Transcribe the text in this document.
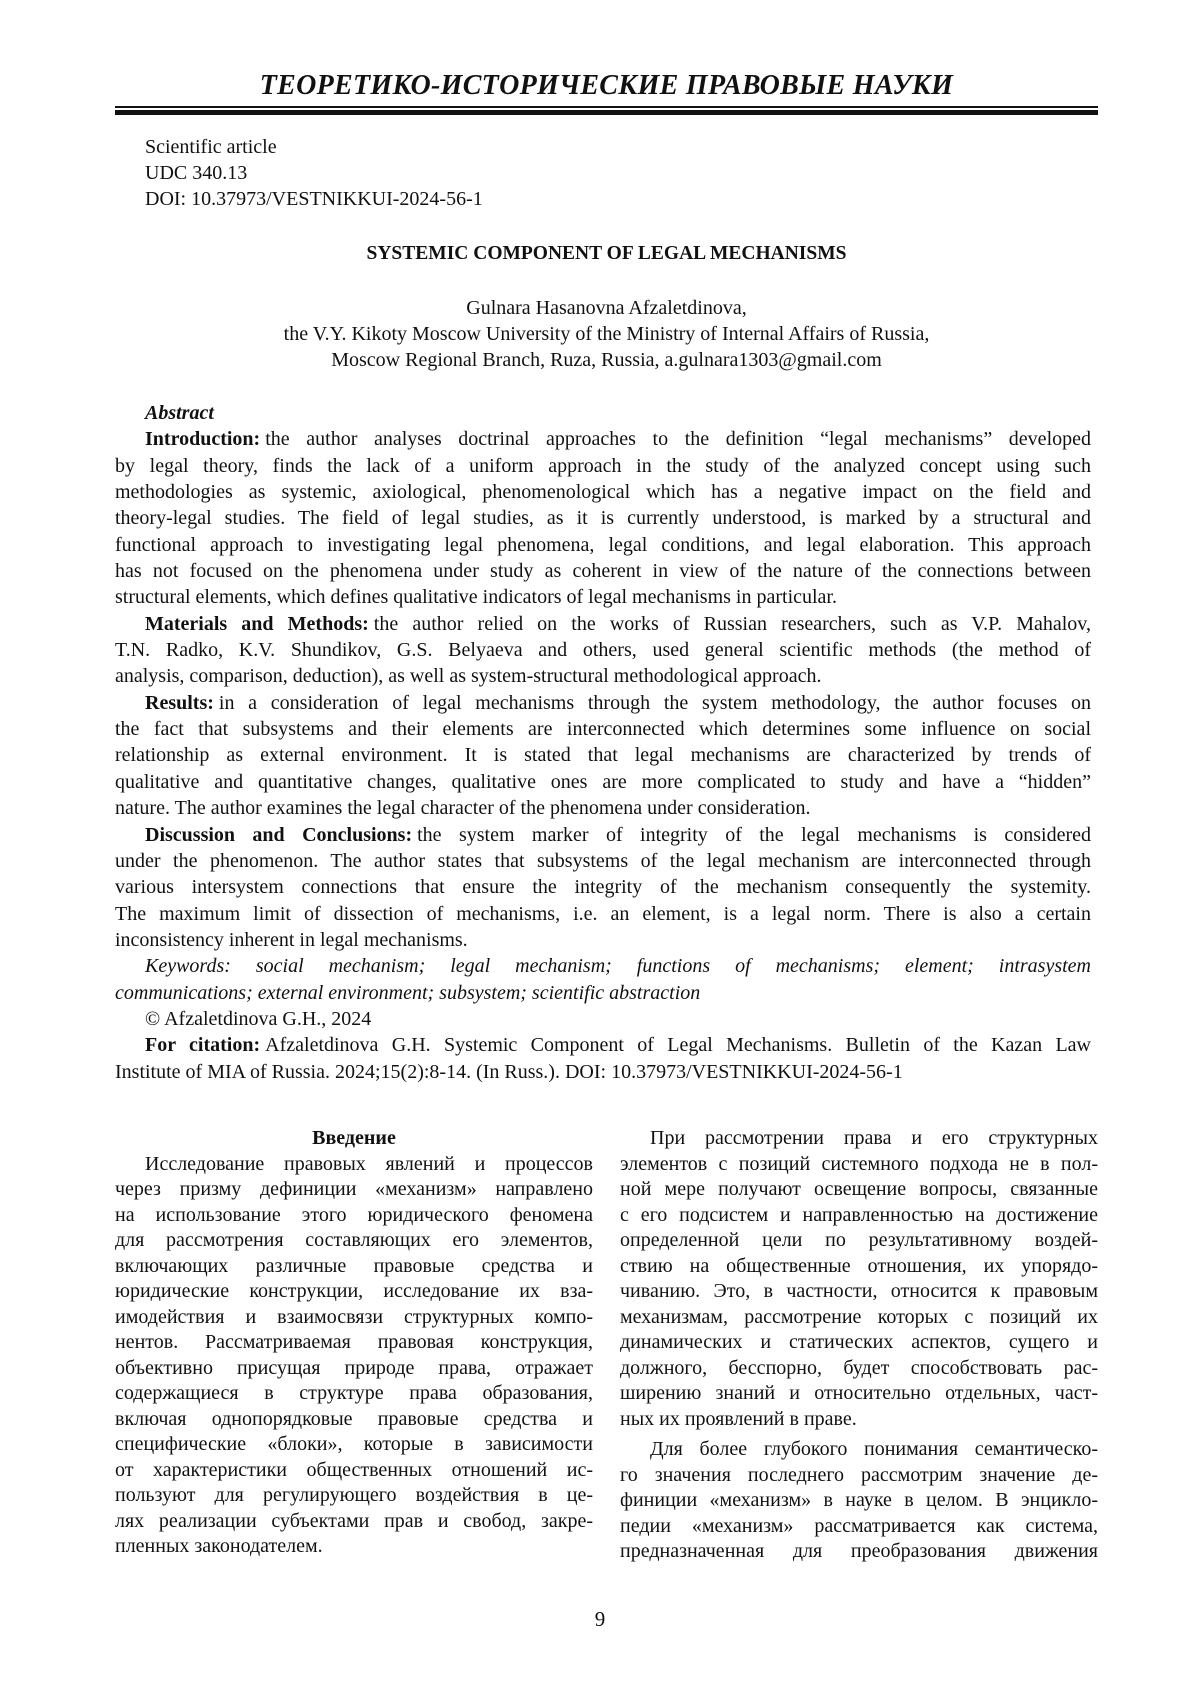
ТЕОРЕТИКО-ИСТОРИЧЕСКИЕ ПРАВОВЫЕ НАУКИ
Scientific article
UDC 340.13
DOI: 10.37973/VESTNIKKUI-2024-56-1
SYSTEMIC COMPONENT OF LEGAL MECHANISMS
Gulnara Hasanovna Afzaletdinova,
the V.Y. Kikoty Moscow University of the Ministry of Internal Affairs of Russia,
Moscow Regional Branch, Ruza, Russia, a.gulnara1303@gmail.com
Abstract
Introduction: the author analyses doctrinal approaches to the definition “legal mechanisms” developed
by legal theory, finds the lack of a uniform approach in the study of the analyzed concept using such
methodologies as systemic, axiological, phenomenological which has a negative impact on the field and
theory-legal studies. The field of legal studies, as it is currently understood, is marked by a structural and
functional approach to investigating legal phenomena, legal conditions, and legal elaboration. This approach
has not focused on the phenomena under study as coherent in view of the nature of the connections between
structural elements, which defines qualitative indicators of legal mechanisms in particular.
Materials and Methods: the author relied on the works of Russian researchers, such as V.P. Mahalov,
T.N. Radko, K.V. Shundikov, G.S. Belyaeva and others, used general scientific methods (the method of
analysis, comparison, deduction), as well as system-structural methodological approach.
Results: in a consideration of legal mechanisms through the system methodology, the author focuses on
the fact that subsystems and their elements are interconnected which determines some influence on social
relationship as external environment. It is stated that legal mechanisms are characterized by trends of
qualitative and quantitative changes, qualitative ones are more complicated to study and have a “hidden”
nature. The author examines the legal character of the phenomena under consideration.
Discussion and Conclusions: the system marker of integrity of the legal mechanisms is considered
under the phenomenon. The author states that subsystems of the legal mechanism are interconnected through
various intersystem connections that ensure the integrity of the mechanism consequently the systemity.
The maximum limit of dissection of mechanisms, i.e. an element, is a legal norm. There is also a certain
inconsistency inherent in legal mechanisms.
Keywords: social mechanism; legal mechanism; functions of mechanisms; element; intrasystem
communications; external environment; subsystem; scientific abstraction
© Afzaletdinova G.H., 2024
For citation: Afzaletdinova G.H. Systemic Component of Legal Mechanisms. Bulletin of the Kazan Law
Institute of MIA of Russia. 2024;15(2):8-14. (In Russ.). DOI: 10.37973/VESTNIKKUI-2024-56-1
Введение
Исследование правовых явлений и процессов
через призму дефиниции «механизм» направлено
на использование этого юридического феномена
для рассмотрения составляющих его элементов,
включающих различные правовые средства и
юридические конструкции, исследование их вза-
имодействия и взаимосвязи структурных компо-
нентов. Рассматриваемая правовая конструкция,
объективно присущая природе права, отражает
содержащиеся в структуре права образования,
включая однопорядковые правовые средства и
специфические «блоки», которые в зависимости
от характеристики общественных отношений ис-
пользуют для регулирующего воздействия в це-
лях реализации субъектами прав и свобод, закре-
пленных законодателем.
При рассмотрении права и его структурных
элементов с позиций системного подхода не в пол-
ной мере получают освещение вопросы, связанные
с его подсистем и направленностью на достижение
определенной цели по результативному воздей-
ствию на общественные отношения, их упорядо-
чиванию. Это, в частности, относится к правовым
механизмам, рассмотрение которых с позиций их
динамических и статических аспектов, сущего и
должного, бесспорно, будет способствовать рас-
ширению знаний и относительно отдельных, част-
ных их проявлений в праве.
Для более глубокого понимания семантическо-
го значения последнего рассмотрим значение де-
финиции «механизм» в науке в целом. В энцикло-
педии «механизм» рассматривается как система,
предназначенная для преобразования движения
9
